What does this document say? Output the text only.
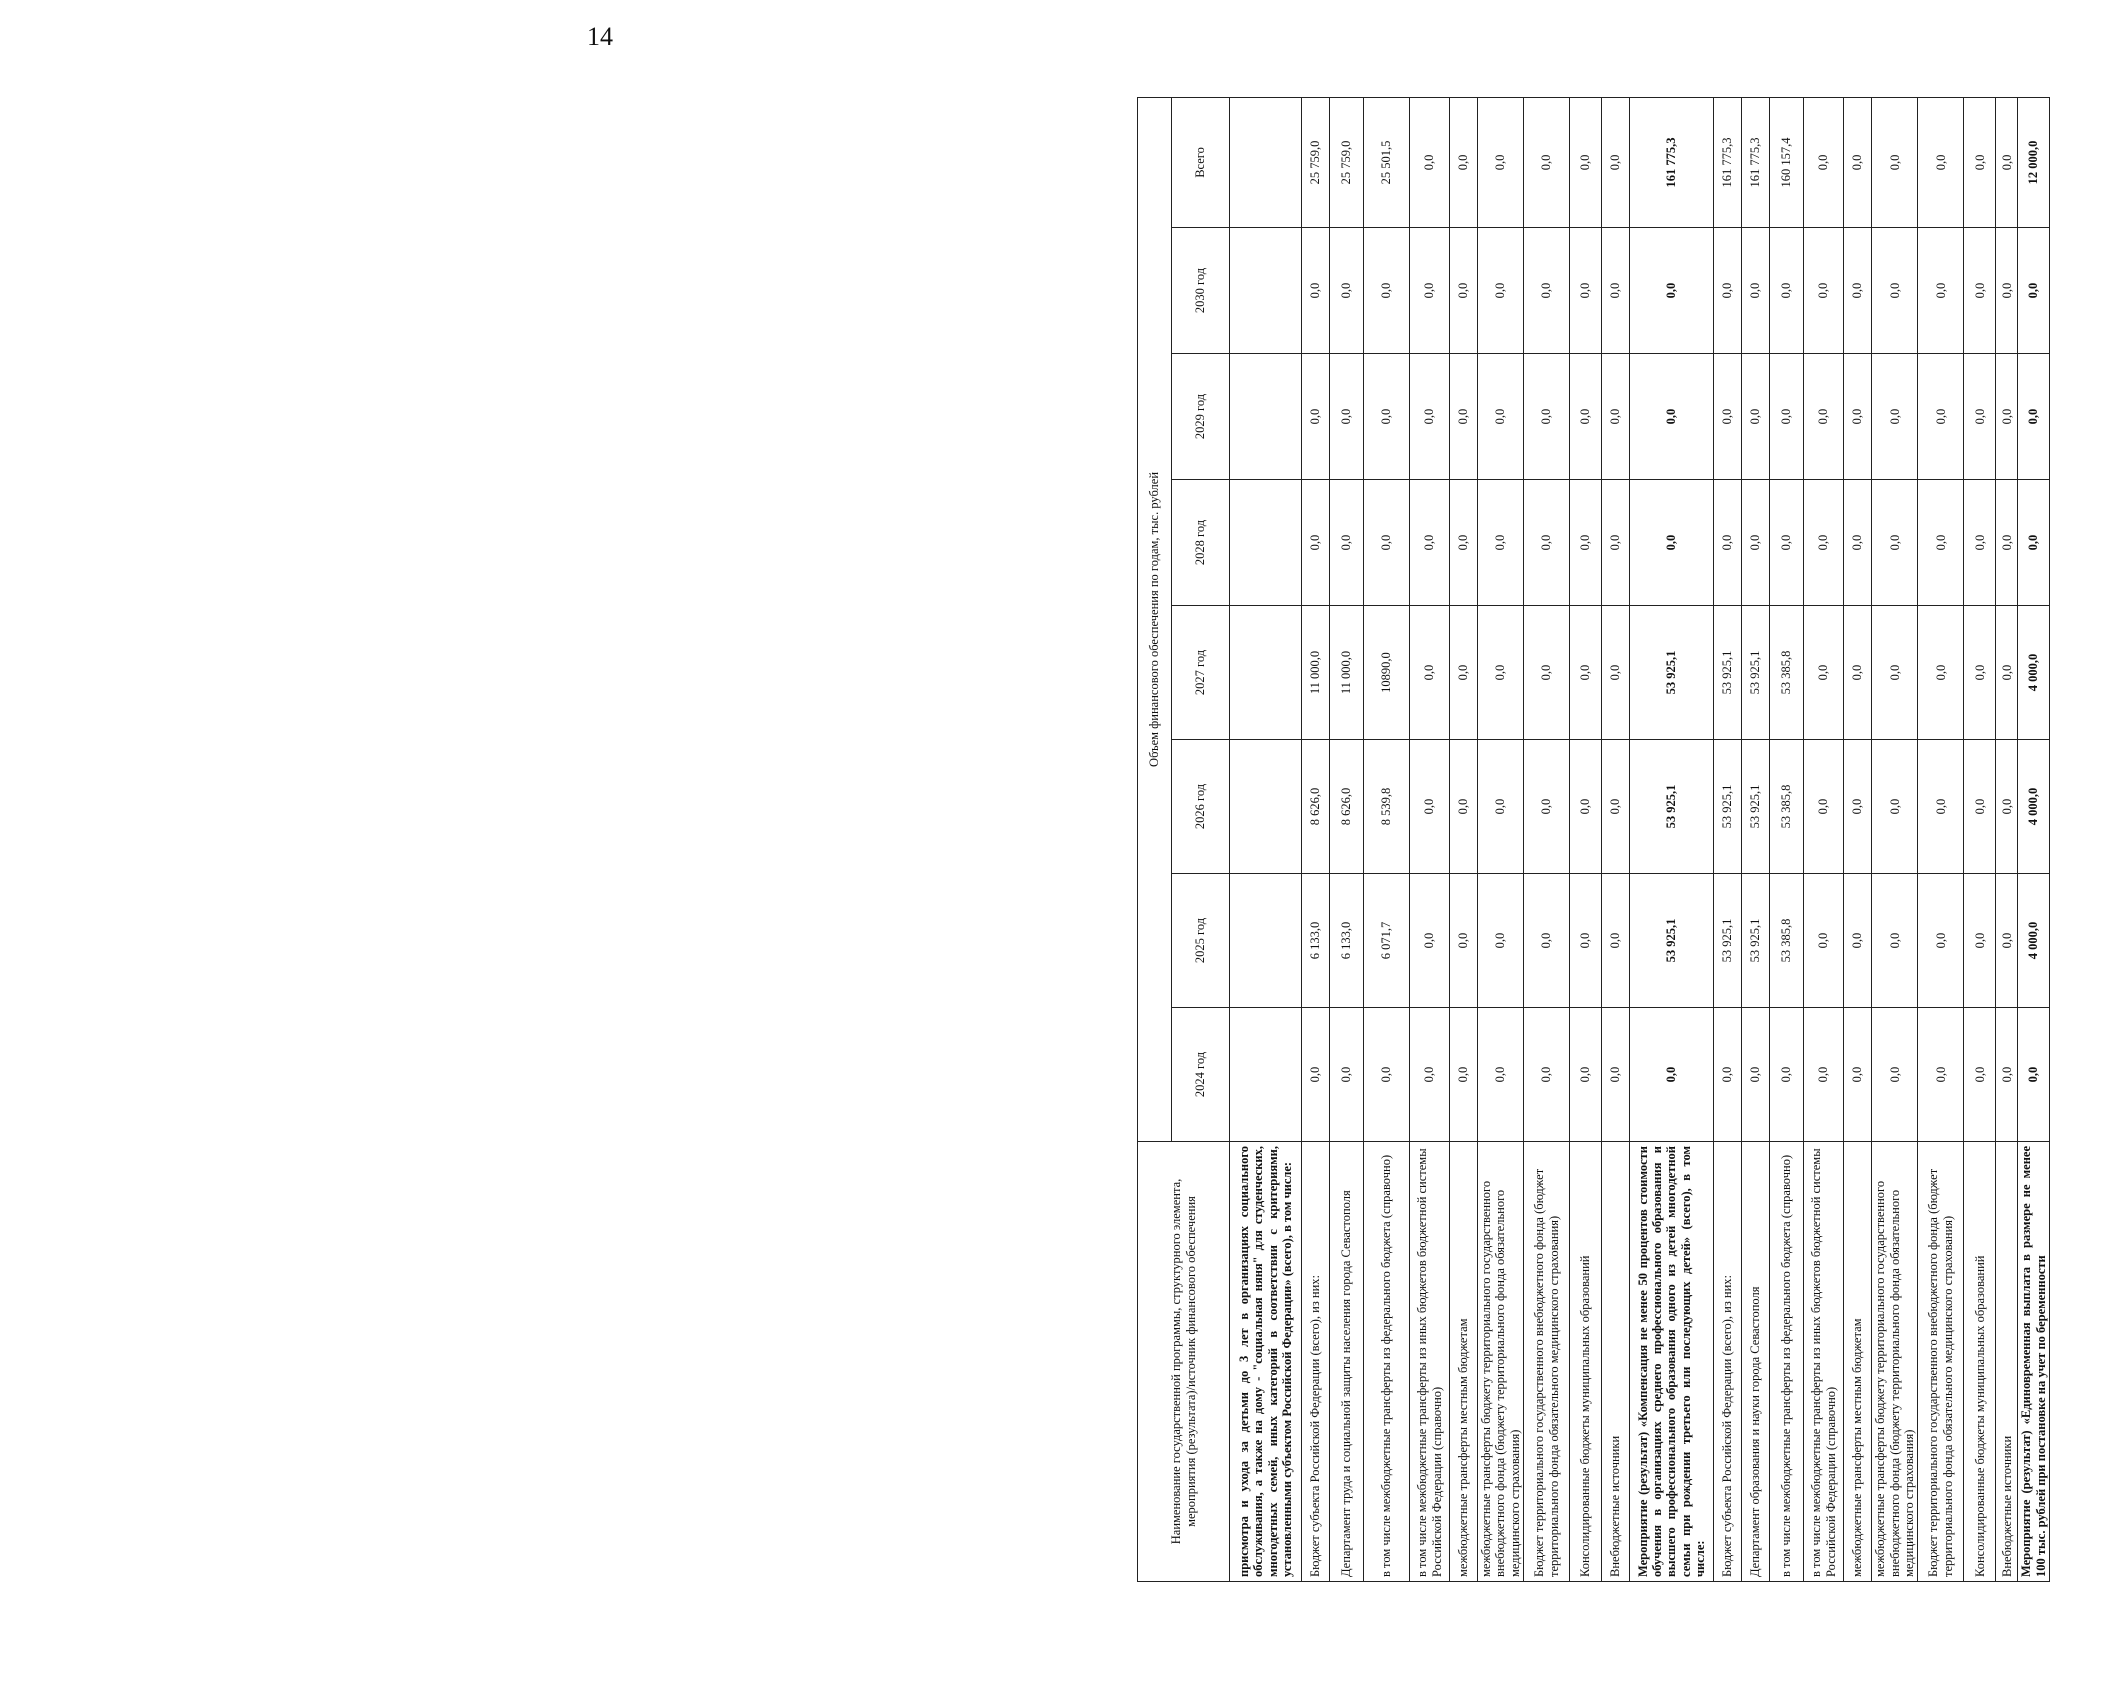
14
Наименование государственной программы, структурного элемента, мероприятия (результата)/источник финансового обеспечения	Объем финансового обеспечения по годам, тыс. рублей							
	2024 год	2025 год	2026 год	2027 год	2028 год	2029 год	2030 год	Всего
присмотра и ухода за детьми до 3 лет в организациях социального обслуживания, а также на дому - "социальная няня" для студенческих, многодетных семей, иных категорий в соответствии с критериями, установленными субъектом Российской Федерации» (всего), в том числе:								
Бюджет субъекта Российской Федерации (всего), из них:	0,0	6 133,0	8 626,0	11 000,0	0,0	0,0	0,0	25 759,0
Департамент труда и социальной защиты населения города Севастополя	0,0	6 133,0	8 626,0	11 000,0	0,0	0,0	0,0	25 759,0
в том числе межбюджетные трансферты из федерального бюджета (справочно)	0,0	6 071,7	8 539,8	10890,0	0,0	0,0	0,0	25 501,5
в том числе межбюджетные трансферты из иных бюджетов бюджетной системы Российской Федерации (справочно)	0,0	0,0	0,0	0,0	0,0	0,0	0,0	0,0
межбюджетные трансферты местным бюджетам	0,0	0,0	0,0	0,0	0,0	0,0	0,0	0,0
межбюджетные трансферты бюджету территориального государственного внебюджетного фонда (бюджету территориального фонда обязательного медицинского страхования)	0,0	0,0	0,0	0,0	0,0	0,0	0,0	0,0
Бюджет территориального государственного внебюджетного фонда (бюджет территориального фонда обязательного медицинского страхования)	0,0	0,0	0,0	0,0	0,0	0,0	0,0	0,0
Консолидированные бюджеты муниципальных образований	0,0	0,0	0,0	0,0	0,0	0,0	0,0	0,0
Внебюджетные источники	0,0	0,0	0,0	0,0	0,0	0,0	0,0	0,0
Мероприятие (результат) «Компенсация не менее 50 процентов стоимости обучения в организациях среднего профессионального образования и высшего профессионального образования одного из детей многодетной семьи при рождении третьего или последующих детей» (всего), в том числе:	0,0	53 925,1	53 925,1	53 925,1	0,0	0,0	0,0	161 775,3
Бюджет субъекта Российской Федерации (всего), из них:	0,0	53 925,1	53 925,1	53 925,1	0,0	0,0	0,0	161 775,3
Департамент образования и науки города Севастополя	0,0	53 925,1	53 925,1	53 925,1	0,0	0,0	0,0	161 775,3
в том числе межбюджетные трансферты из федерального бюджета (справочно)	0,0	53 385,8	53 385,8	53 385,8	0,0	0,0	0,0	160 157,4
в том числе межбюджетные трансферты из иных бюджетов бюджетной системы Российской Федерации (справочно)	0,0	0,0	0,0	0,0	0,0	0,0	0,0	0,0
межбюджетные трансферты местным бюджетам	0,0	0,0	0,0	0,0	0,0	0,0	0,0	0,0
межбюджетные трансферты бюджету территориального государственного внебюджетного фонда (бюджету территориального фонда обязательного медицинского страхования)	0,0	0,0	0,0	0,0	0,0	0,0	0,0	0,0
Бюджет территориального государственного внебюджетного фонда (бюджет территориального фонда обязательного медицинского страхования)	0,0	0,0	0,0	0,0	0,0	0,0	0,0	0,0
Консолидированные бюджеты муниципальных образований	0,0	0,0	0,0	0,0	0,0	0,0	0,0	0,0
Внебюджетные источники	0,0	0,0	0,0	0,0	0,0	0,0	0,0	0,0
Мероприятие (результат) «Единовременная выплата в размере не менее 100 тыс. рублей при постановке на учет по беременности	0,0	4 000,0	4 000,0	4 000,0	0,0	0,0	0,0	12 000,0
